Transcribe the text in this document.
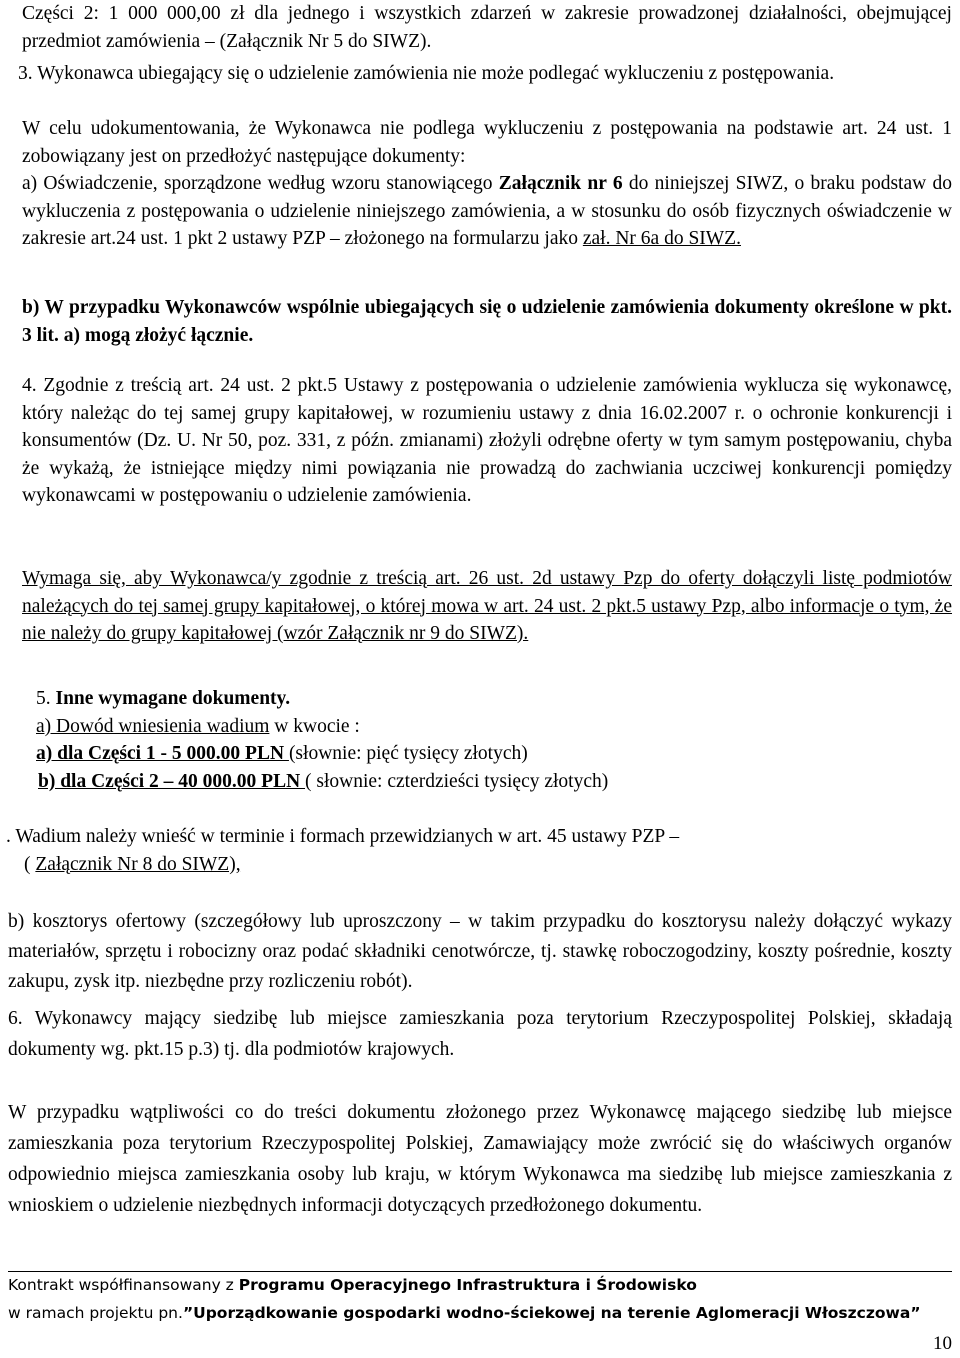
Części 2: 1 000 000,00 zł dla jednego i wszystkich zdarzeń w zakresie prowadzonej działalności, obejmującej przedmiot zamówienia – (Załącznik Nr 5 do SIWZ).

3. Wykonawca ubiegający się o udzielenie zamówienia nie może podlegać wykluczeniu z postępowania.

W celu udokumentowania, że Wykonawca nie podlega wykluczeniu z postępowania na podstawie art. 24 ust. 1 zobowiązany jest on przedłożyć następujące dokumenty:

a) Oświadczenie, sporządzone według wzoru stanowiącego Załącznik nr 6 do niniejszej SIWZ, o braku podstaw do wykluczenia z postępowania o udzielenie niniejszego zamówienia, a w stosunku do osób fizycznych oświadczenie w zakresie art.24 ust. 1 pkt 2 ustawy PZP – złożonego na formularzu jako zał. Nr 6a do SIWZ.

b) W przypadku Wykonawców wspólnie ubiegających się o udzielenie zamówienia dokumenty określone w pkt. 3 lit. a) mogą złożyć łącznie.

4. Zgodnie z treścią art. 24 ust. 2 pkt.5 Ustawy z postępowania o udzielenie zamówienia wyklucza się wykonawcę, który należąc do tej samej grupy kapitałowej, w rozumieniu ustawy z dnia 16.02.2007 r. o ochronie konkurencji i konsumentów (Dz. U. Nr 50, poz. 331, z późn. zmianami) złożyli odrębne oferty w tym samym postępowaniu, chyba że wykażą, że istniejące między nimi powiązania nie prowadzą do zachwiania uczciwej konkurencji pomiędzy wykonawcami w postępowaniu o udzielenie zamówienia.

Wymaga się, aby Wykonawca/y zgodnie z treścią art. 26 ust. 2d ustawy Pzp do oferty dołączyli listę podmiotów należących do tej samej grupy kapitałowej, o której mowa w art. 24 ust. 2 pkt.5 ustawy Pzp, albo informacje o tym, że nie należy do grupy kapitałowej (wzór Załącznik nr 9 do SIWZ).

5. Inne wymagane dokumenty.

a) Dowód wniesienia wadium w kwocie :

a) dla Części 1 - 5 000.00 PLN (słownie: pięć tysięcy złotych)

b) dla Części 2 – 40 000.00 PLN ( słownie: czterdzieści tysięcy złotych)

. Wadium należy wnieść w terminie i formach przewidzianych w art. 45 ustawy PZP –

( Załącznik Nr 8 do SIWZ),

b) kosztorys ofertowy (szczegółowy lub uproszczony – w takim przypadku do kosztorysu należy dołączyć wykazy materiałów, sprzętu i robocizny oraz podać składniki cenotwórcze, tj. stawkę roboczogodziny, koszty pośrednie, koszty zakupu, zysk itp. niezbędne przy rozliczeniu robót).

6. Wykonawcy mający siedzibę lub miejsce zamieszkania poza terytorium Rzeczypospolitej Polskiej, składają dokumenty wg. pkt.15 p.3) tj. dla podmiotów krajowych.

W przypadku wątpliwości co do treści dokumentu złożonego przez Wykonawcę mającego siedzibę lub miejsce zamieszkania poza terytorium Rzeczypospolitej Polskiej, Zamawiający może zwrócić się do właściwych organów odpowiednio miejsca zamieszkania osoby lub kraju, w którym Wykonawca ma siedzibę lub miejsce zamieszkania z wnioskiem o udzielenie niezbędnych informacji dotyczących przedłożonego dokumentu.

Kontrakt współfinansowany z Programu Operacyjnego Infrastruktura i Środowisko
w ramach projektu pn.”Uporządkowanie gospodarki wodno-ściekowej na terenie Aglomeracji Włoszczowa”
10
